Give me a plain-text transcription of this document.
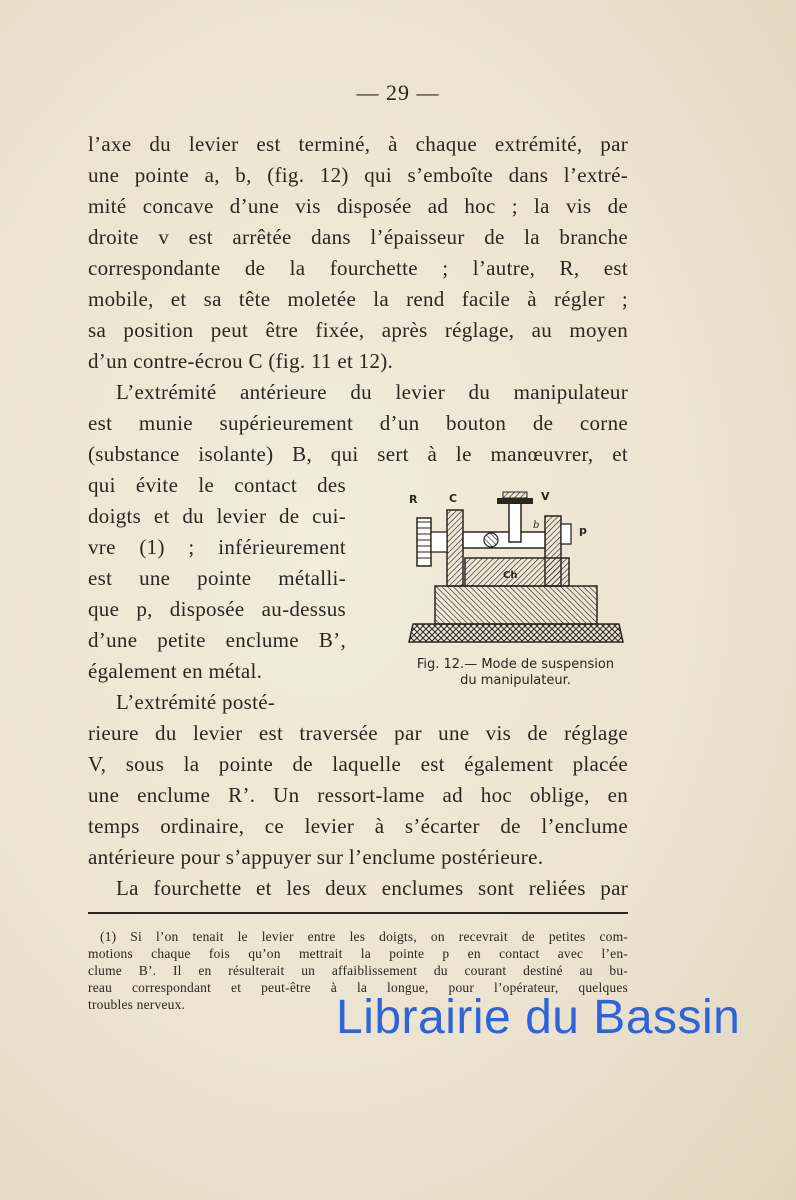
— 29 —
l’axe du levier est terminé, à chaque extrémité, par
une pointe a, b, (fig. 12) qui s’emboîte dans l’extré-
mité concave d’une vis disposée ad hoc ; la vis de
droite v est arrêtée dans l’épaisseur de la branche
correspondante de la fourchette ; l’autre, R, est
mobile, et sa tête moletée la rend facile à régler ;
sa position peut être fixée, après réglage, au moyen
d’un contre-écrou C (fig. 11 et 12).
L’extrémité antérieure du levier du manipulateur
est munie supérieurement d’un bouton de corne
(substance isolante) B, qui sert à le manœuvrer, et
qui évite le contact des
doigts et du levier de cui-
vre (1) ; inférieurement
est une pointe métalli-
que p, disposée au-dessus
d’une petite enclume B’,
également en métal.
R	C	V
b	p
Ch
Fig. 12.— Mode de suspension
du manipulateur.
L’extrémité posté-
rieure du levier est traversée par une vis de réglage
V, sous la pointe de laquelle est également placée
une enclume R’. Un ressort-lame ad hoc oblige, en
temps ordinaire, ce levier à s’écarter de l’enclume
antérieure pour s’appuyer sur l’enclume postérieure.
La fourchette et les deux enclumes sont reliées par
(1) Si l’on tenait le levier entre les doigts, on recevrait de petites com-
motions chaque fois qu’on mettrait la pointe p en contact avec l’en-
clume B’. Il en résulterait un affaiblissement du courant destiné au bu-
reau correspondant et peut-être à la longue, pour l’opérateur, quelques
troubles nerveux.	Librairie du Bassin
